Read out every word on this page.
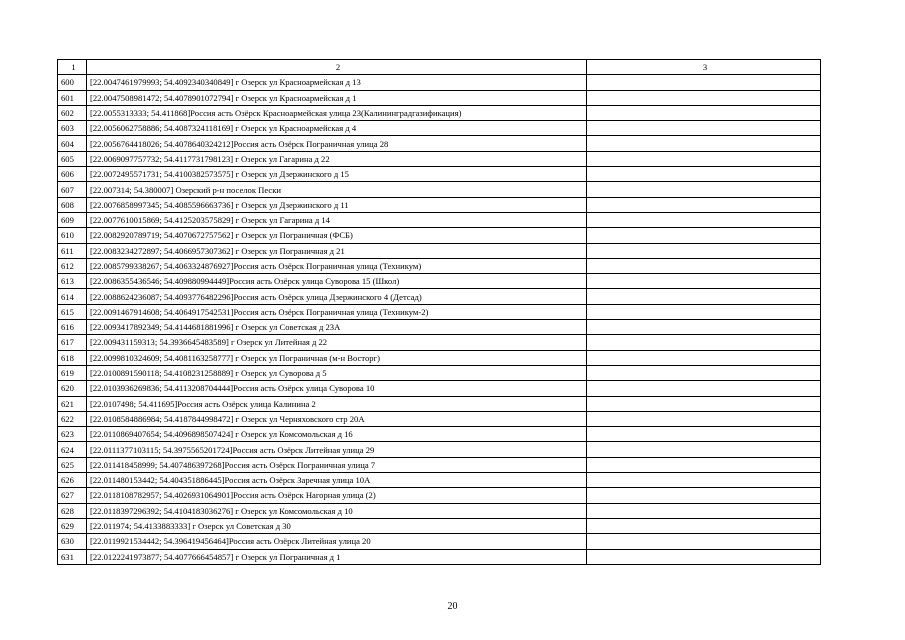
1	2	3
600	[22.0047461979993; 54.4092340340849] г Озерск ул Красноармейская д 13	
601	[22.0047508981472; 54.4078901072794] г Озерск ул Красноармейская д 1	
602	[22.0055313333; 54.411868]Россия асть Озёрск Красноармейская улица 23(Калининградгазификация)	
603	[22.0056062758886; 54.4087324118169] г Озерск ул Красноармейская д 4	
604	[22.0056764418026; 54.4078640324212]Россия асть Озёрск Пограничная улица 28	
605	[22.0069097757732; 54.4117731798123] г Озерск ул Гагарина д 22	
606	[22.0072495571731; 54.4100382573575] г Озерск ул Дзержинского д 15	
607	[22.007314; 54.380007] Озерский р-н поселок Пески	
608	[22.0076858997345; 54.4085596663736] г Озерск ул Дзержинского д 11	
609	[22.0077610015869; 54.4125203575829] г Озерск ул Гагарина д 14	
610	[22.0082920789719; 54.4070672757562] г Озерск ул Пограничная (ФСБ)	
611	[22.0083234272897; 54.4066957307362] г Озерск ул Пограничная д 21	
612	[22.0085799338267; 54.4063324876927]Россия асть Озёрск Пограничная улица (Техникум)	
613	[22.0086355436546; 54.409880994449]Россия асть Озёрск улица Суворова 15 (Школ)	
614	[22.0088624236087; 54.4093776482296]Россия асть Озёрск улица Дзержинского 4 (Детсад)	
615	[22.0091467914608; 54.4064917542531]Россия асть Озёрск Пограничная улица (Техникум-2)	
616	[22.0093417892349; 54.4144681881996] г Озерск ул Советская д 23А	
617	[22.009431159313; 54.3936645483589] г Озерск ул Литейная д 22	
618	[22.0099810324609; 54.4081163258777] г Озерск ул Пограничная (м-н Восторг)	
619	[22.0100891590118; 54.4108231258889] г Озерск ул Суворова д 5	
620	[22.0103936269836; 54.4113208704444]Россия асть Озёрск улица Суворова 10	
621	[22.0107498; 54.411695]Россия асть Озёрск улица Калинина 2	
622	[22.0108584886984; 54.4187844998472] г Озерск ул Черняховского стр 20А	
623	[22.0110869407654; 54.4096898507424] г Озерск ул Комсомольская д 16	
624	[22.0111377103115; 54.3975565201724]Россия асть Озёрск Литейная улица 29	
625	[22.011418458999; 54.407486397268]Россия асть Озёрск Пограничная улица 7	
626	[22.011480153442; 54.404351886445]Россия асть Озёрск Заречная улица 10А	
627	[22.0118108782957; 54.4026931064901]Россия асть Озёрск Нагорная улица (2)	
628	[22.0118397296392; 54.4104183036276] г Озерск ул Комсомольская д 10	
629	[22.011974; 54.4133883333] г Озерск ул Советская д 30	
630	[22.0119921534442; 54.396419456464]Россия асть Озёрск Литейная улица 20	
631	[22.0122241973877; 54.4077666454857] г Озерск ул Пограничная д 1	
20
